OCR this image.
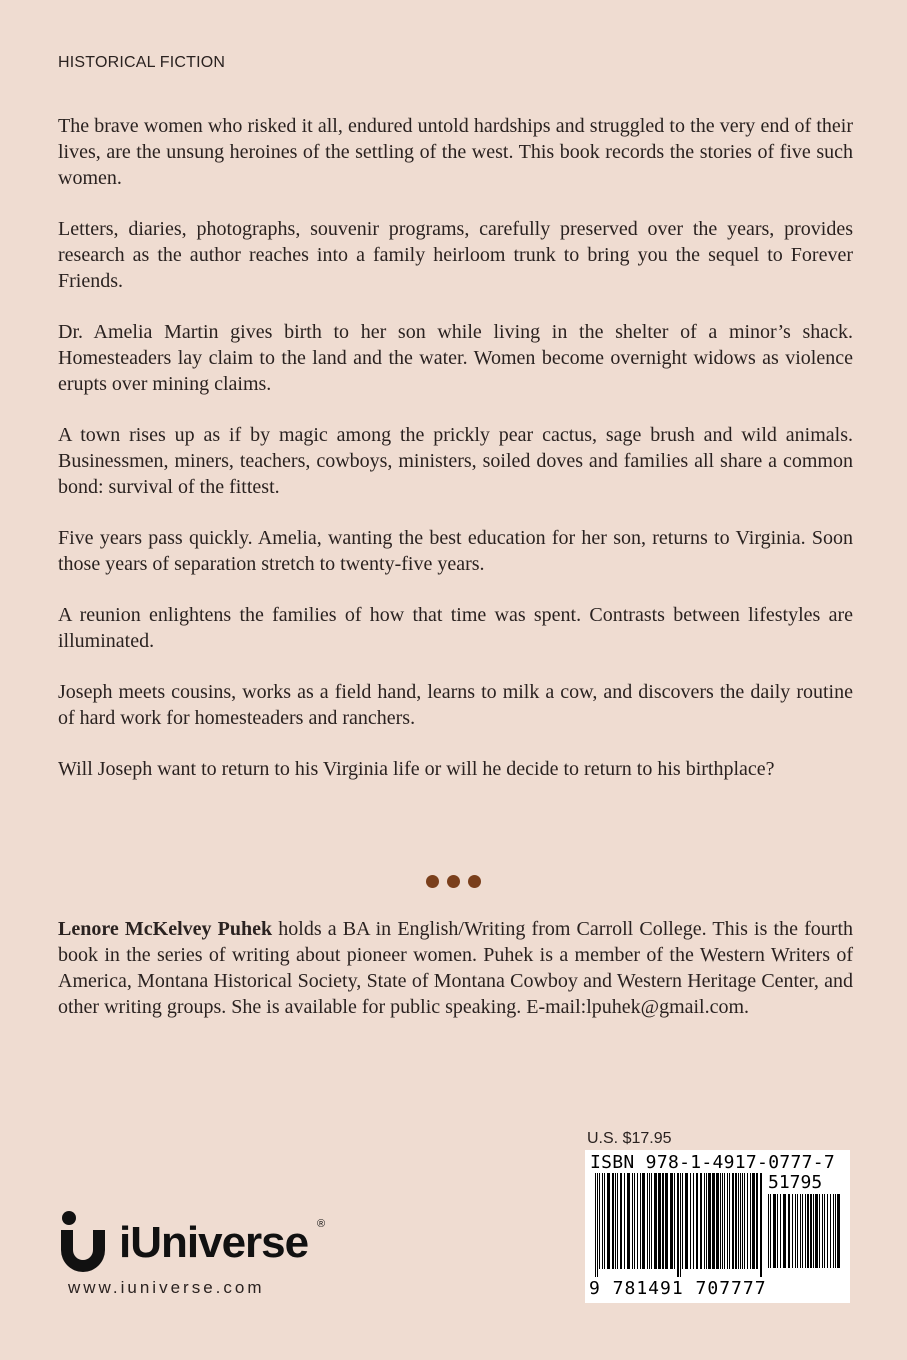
HISTORICAL FICTION

The brave women who risked it all, endured untold hardships and struggled to the very end of their lives, are the unsung heroines of the settling of the west. This book records the stories of five such women.

Letters, diaries, photographs, souvenir programs, carefully preserved over the years, provides research as the author reaches into a family heirloom trunk to bring you the sequel to Forever Friends.

Dr. Amelia Martin gives birth to her son while living in the shelter of a minor’s shack. Homesteaders lay claim to the land and the water. Women become overnight widows as violence erupts over mining claims.

A town rises up as if by magic among the prickly pear cactus, sage brush and wild animals. Businessmen, miners, teachers, cowboys, ministers, soiled doves and families all share a common bond: survival of the fittest.

Five years pass quickly. Amelia, wanting the best education for her son, returns to Virginia. Soon those years of separation stretch to twenty-five years.

A reunion enlightens the families of how that time was spent. Contrasts between lifestyles are illuminated.

Joseph meets cousins, works as a field hand, learns to milk a cow, and discovers the daily routine of hard work for homesteaders and ranchers.

Will Joseph want to return to his Virginia life or will he decide to return to his birthplace?

Lenore McKelvey Puhek holds a BA in English/Writing from Carroll College. This is the fourth book in the series of writing about pioneer women. Puhek is a member of the Western Writers of America, Montana Historical Society, State of Montana Cowboy and Western Heritage Center, and other writing groups. She is available for public speaking. E-mail:lpuhek@gmail.com.

U.S. $17.95
ISBN 978-1-4917-0777-7
51795
9 781491 707777
iUniverse ®
www.iuniverse.com
